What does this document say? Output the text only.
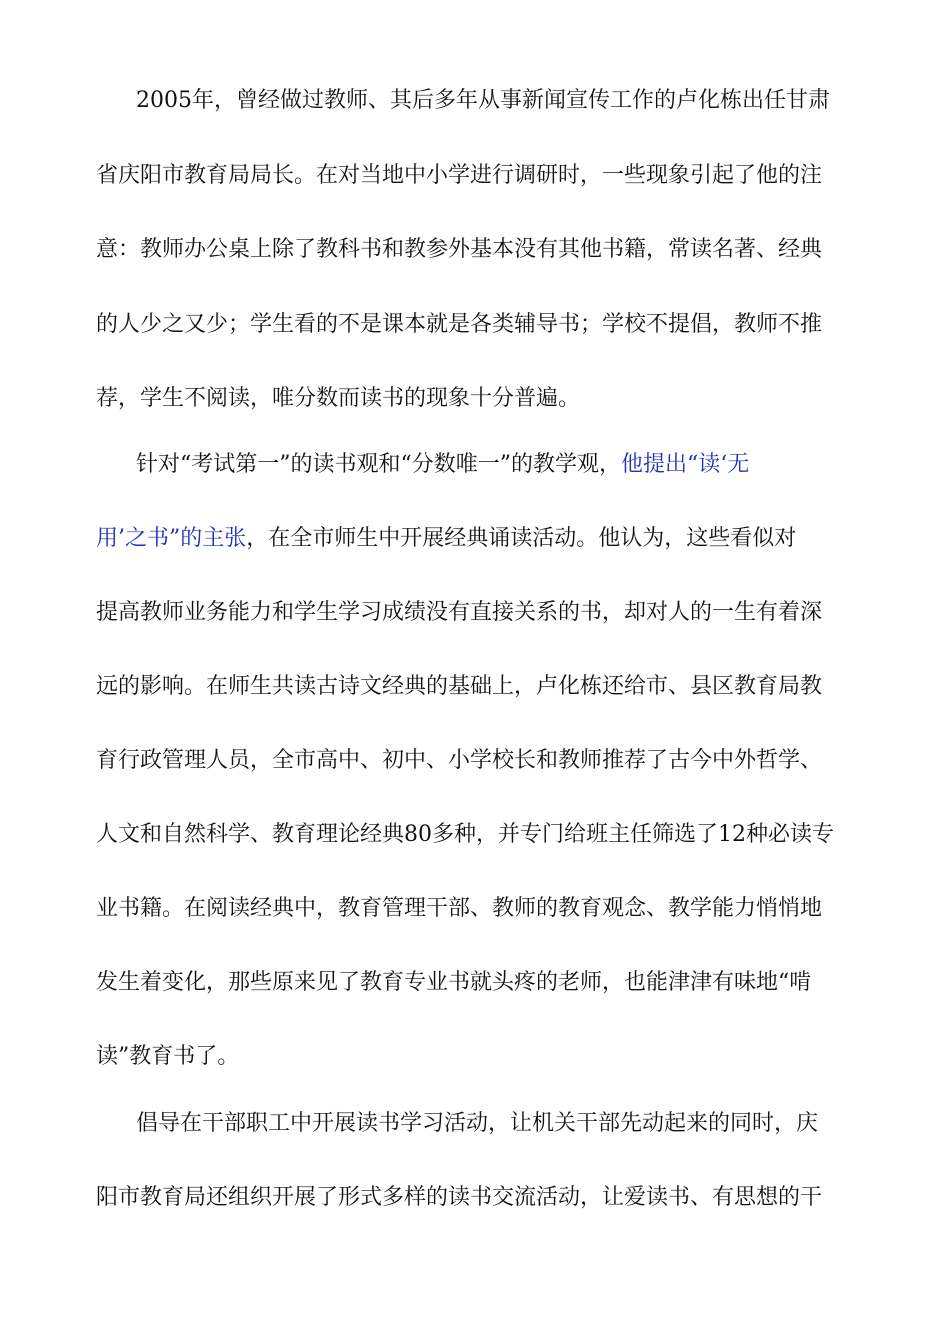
2005年，曾经做过教师、其后多年从事新闻宣传工作的卢化栋出任甘肃
省庆阳市教育局局长。在对当地中小学进行调研时，一些现象引起了他的注
意：教师办公桌上除了教科书和教参外基本没有其他书籍，常读名著、经典
的人少之又少；学生看的不是课本就是各类辅导书；学校不提倡，教师不推
荐，学生不阅读，唯分数而读书的现象十分普遍。
针对“考试第一”的读书观和“分数唯一”的教学观，他提出“读‘无
用’之书”的主张，在全市师生中开展经典诵读活动。他认为，这些看似对
提高教师业务能力和学生学习成绩没有直接关系的书，却对人的一生有着深
远的影响。在师生共读古诗文经典的基础上，卢化栋还给市、县区教育局教
育行政管理人员，全市高中、初中、小学校长和教师推荐了古今中外哲学、
人文和自然科学、教育理论经典80多种，并专门给班主任筛选了12种必读专
业书籍。在阅读经典中，教育管理干部、教师的教育观念、教学能力悄悄地
发生着变化，那些原来见了教育专业书就头疼的老师，也能津津有味地“啃
读”教育书了。
倡导在干部职工中开展读书学习活动，让机关干部先动起来的同时，庆
阳市教育局还组织开展了形式多样的读书交流活动，让爱读书、有思想的干
